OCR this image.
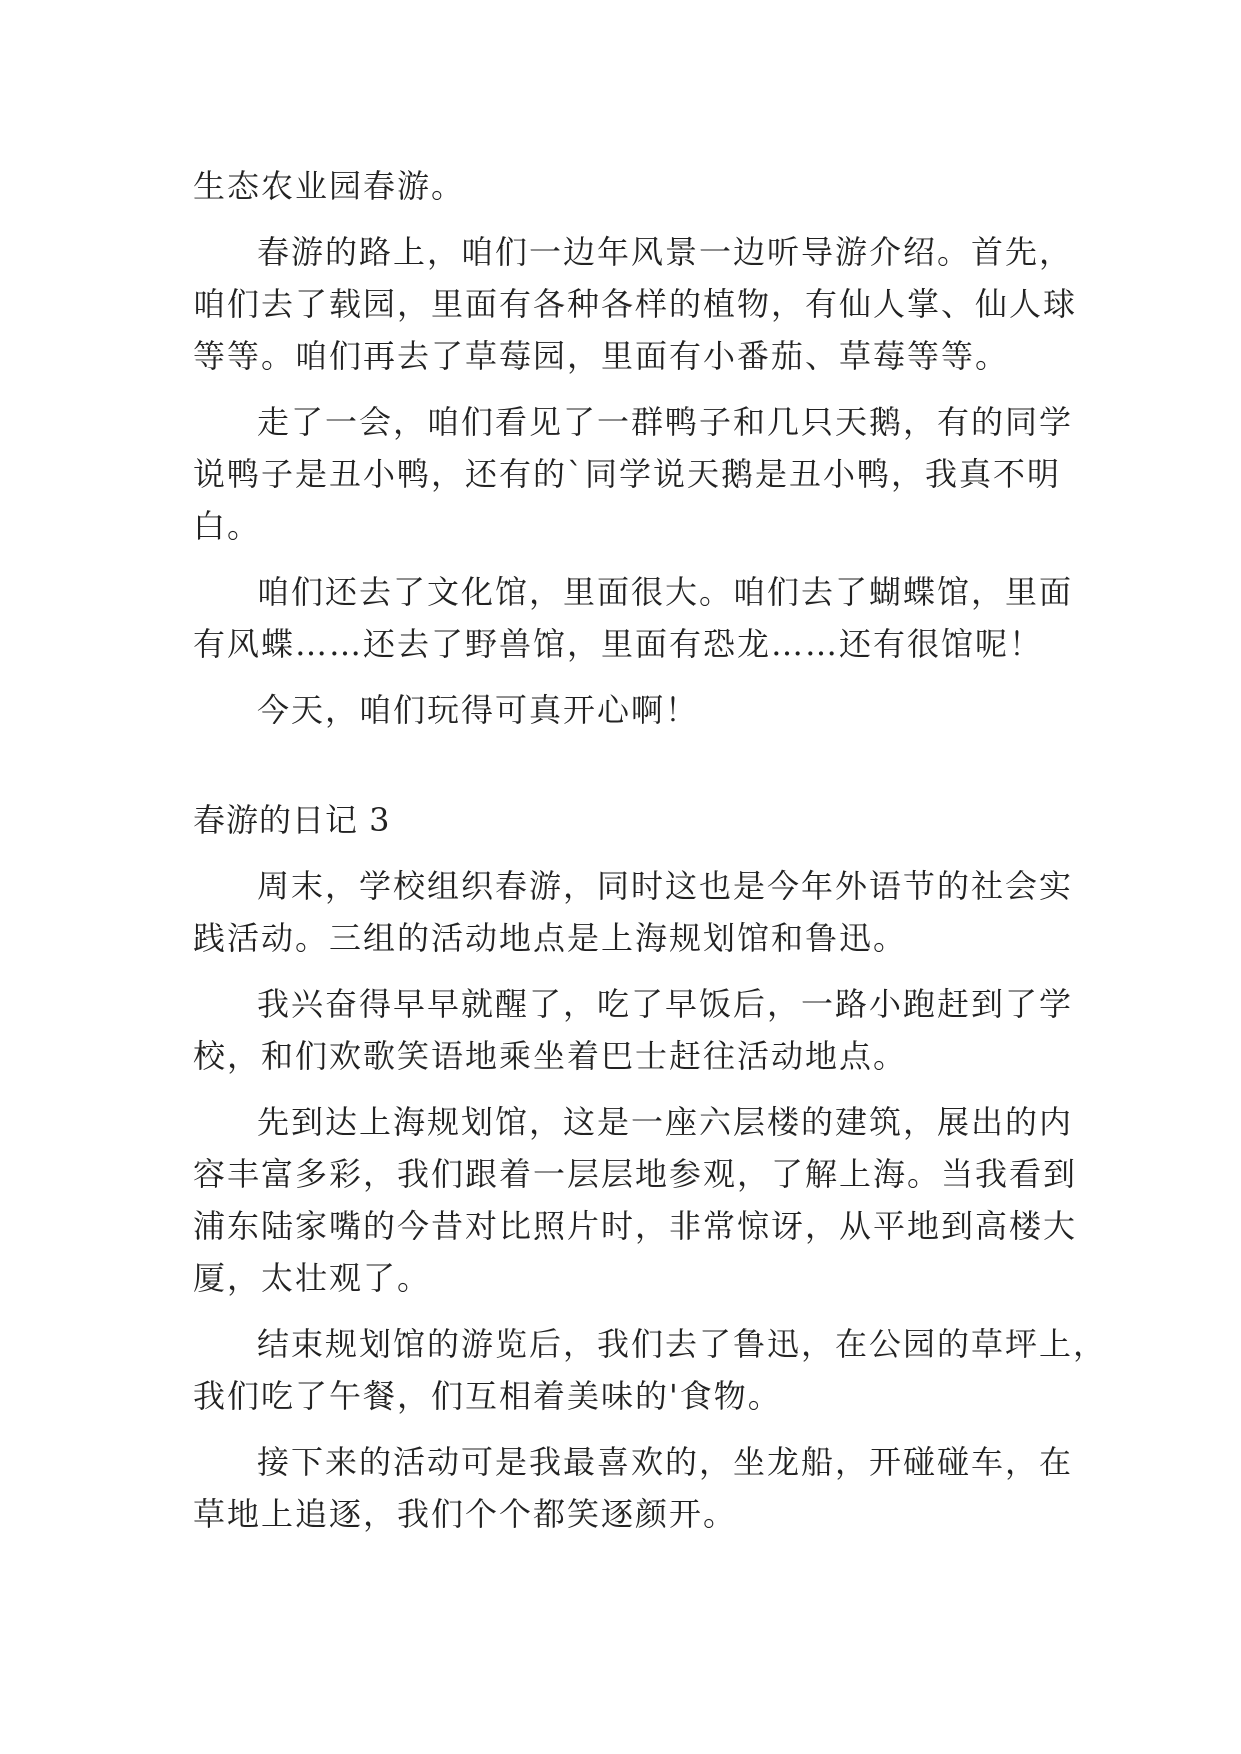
生态农业园春游。
春游的路上，咱们一边年风景一边听导游介绍。首先，
咱们去了载园，里面有各种各样的植物，有仙人掌、仙人球
等等。咱们再去了草莓园，里面有小番茄、草莓等等。
走了一会，咱们看见了一群鸭子和几只天鹅，有的同学
说鸭子是丑小鸭，还有的`同学说天鹅是丑小鸭，我真不明
白。
咱们还去了文化馆，里面很大。咱们去了蝴蝶馆，里面
有风蝶……还去了野兽馆，里面有恐龙……还有很馆呢！
今天，咱们玩得可真开心啊！
春游的日记 3
周末，学校组织春游，同时这也是今年外语节的社会实
践活动。三组的活动地点是上海规划馆和鲁迅。
我兴奋得早早就醒了，吃了早饭后，一路小跑赶到了学
校，和们欢歌笑语地乘坐着巴士赶往活动地点。
先到达上海规划馆，这是一座六层楼的建筑，展出的内
容丰富多彩，我们跟着一层层地参观，了解上海。当我看到
浦东陆家嘴的今昔对比照片时，非常惊讶，从平地到高楼大
厦，太壮观了。
结束规划馆的游览后，我们去了鲁迅，在公园的草坪上，
我们吃了午餐，们互相着美味的'食物。
接下来的活动可是我最喜欢的，坐龙船，开碰碰车，在
草地上追逐，我们个个都笑逐颜开。
